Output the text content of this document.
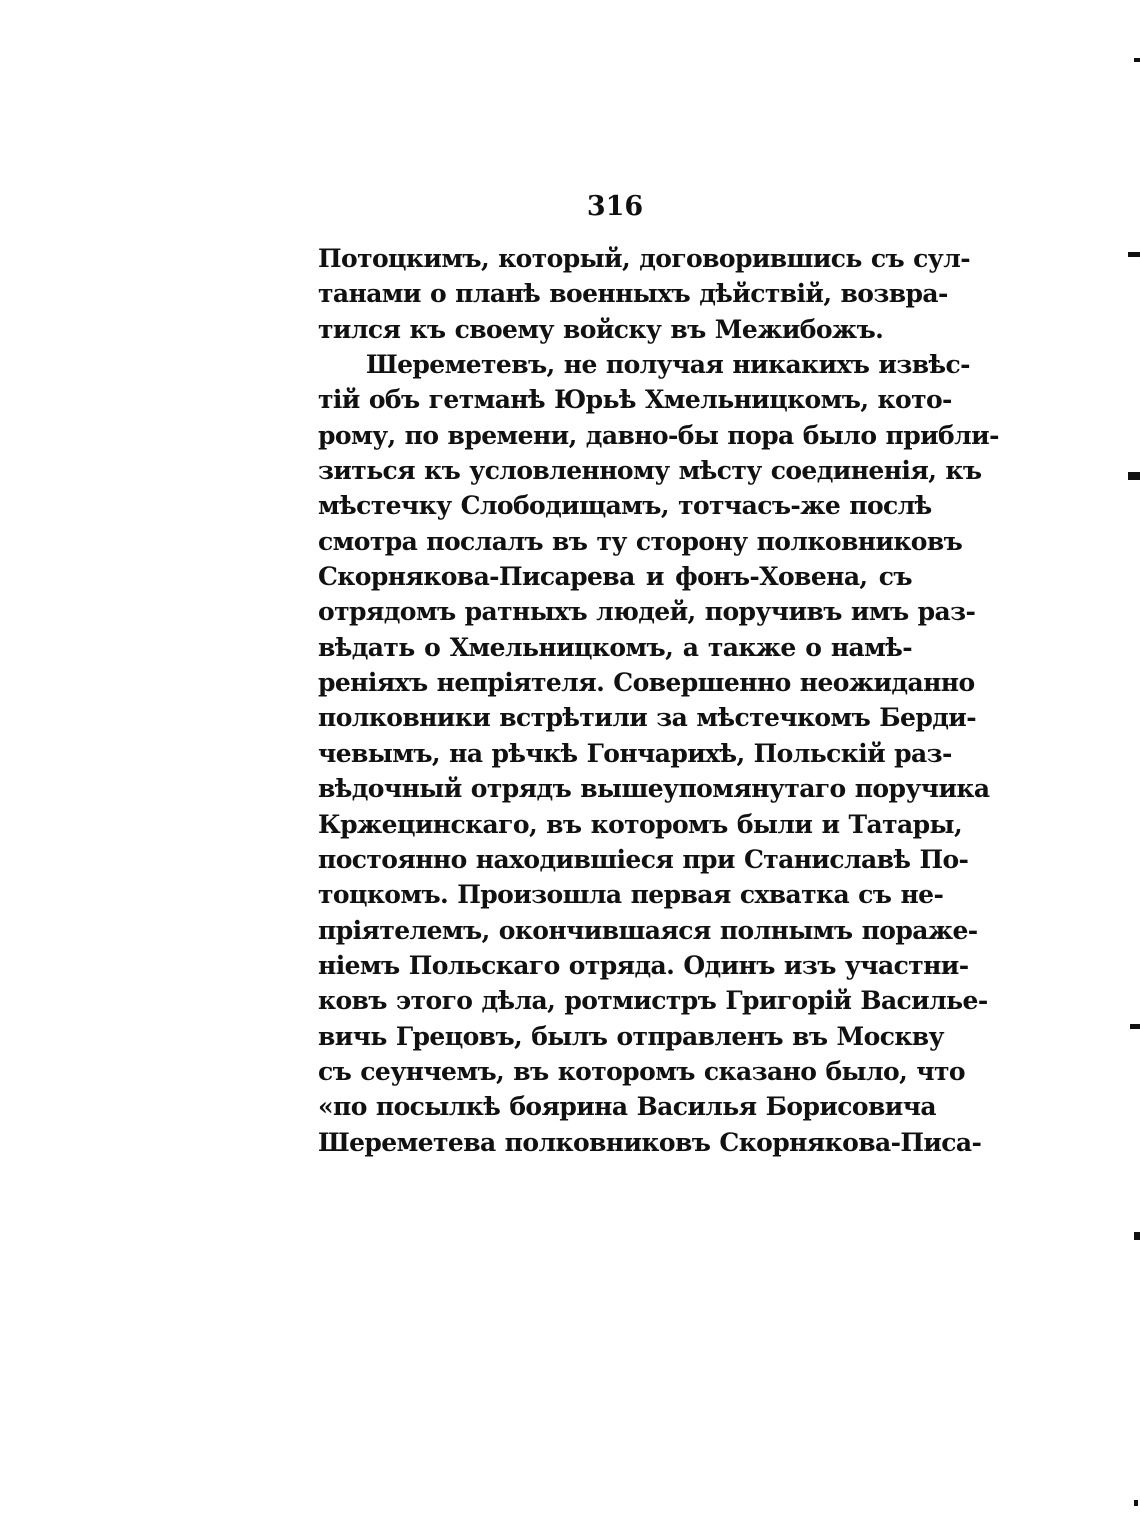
316
Потоцкимъ, который, договорившись съ сул-
танами о планѣ военныхъ дѣйствій, возвра-
тился къ своему войску въ Межибожъ.
Шереметевъ, не получая никакихъ извѣс-
тій объ гетманѣ Юрьѣ Хмельницкомъ, кото-
рому, по времени, давно-бы пора было прибли-
зиться къ условленному мѣсту соединенія, къ
мѣстечку Слободищамъ, тотчасъ-же послѣ
смотра послалъ въ ту сторону полковниковъ
Скорнякова-Писарева и фонъ-Ховена, съ
отрядомъ ратныхъ людей, поручивъ имъ раз-
вѣдать о Хмельницкомъ, а также о намѣ-
реніяхъ непріятеля. Совершенно неожиданно
полковники встрѣтили за мѣстечкомъ Берди-
чевымъ, на рѣчкѣ Гончарихѣ, Польскій раз-
вѣдочный отрядъ вышеупомянутаго поручика
Кржецинскаго, въ которомъ были и Татары,
постоянно находившіеся при Станиславѣ По-
тоцкомъ. Произошла первая схватка съ не-
пріятелемъ, окончившаяся полнымъ пораже-
ніемъ Польскаго отряда. Одинъ изъ участни-
ковъ этого дѣла, ротмистръ Григорій Василье-
вичь Грецовъ, былъ отправленъ въ Москву
съ сеунчемъ, въ которомъ сказано было, что
«по посылкѣ боярина Василья Борисовича
Шереметева полковниковъ Скорнякова-Писа-
